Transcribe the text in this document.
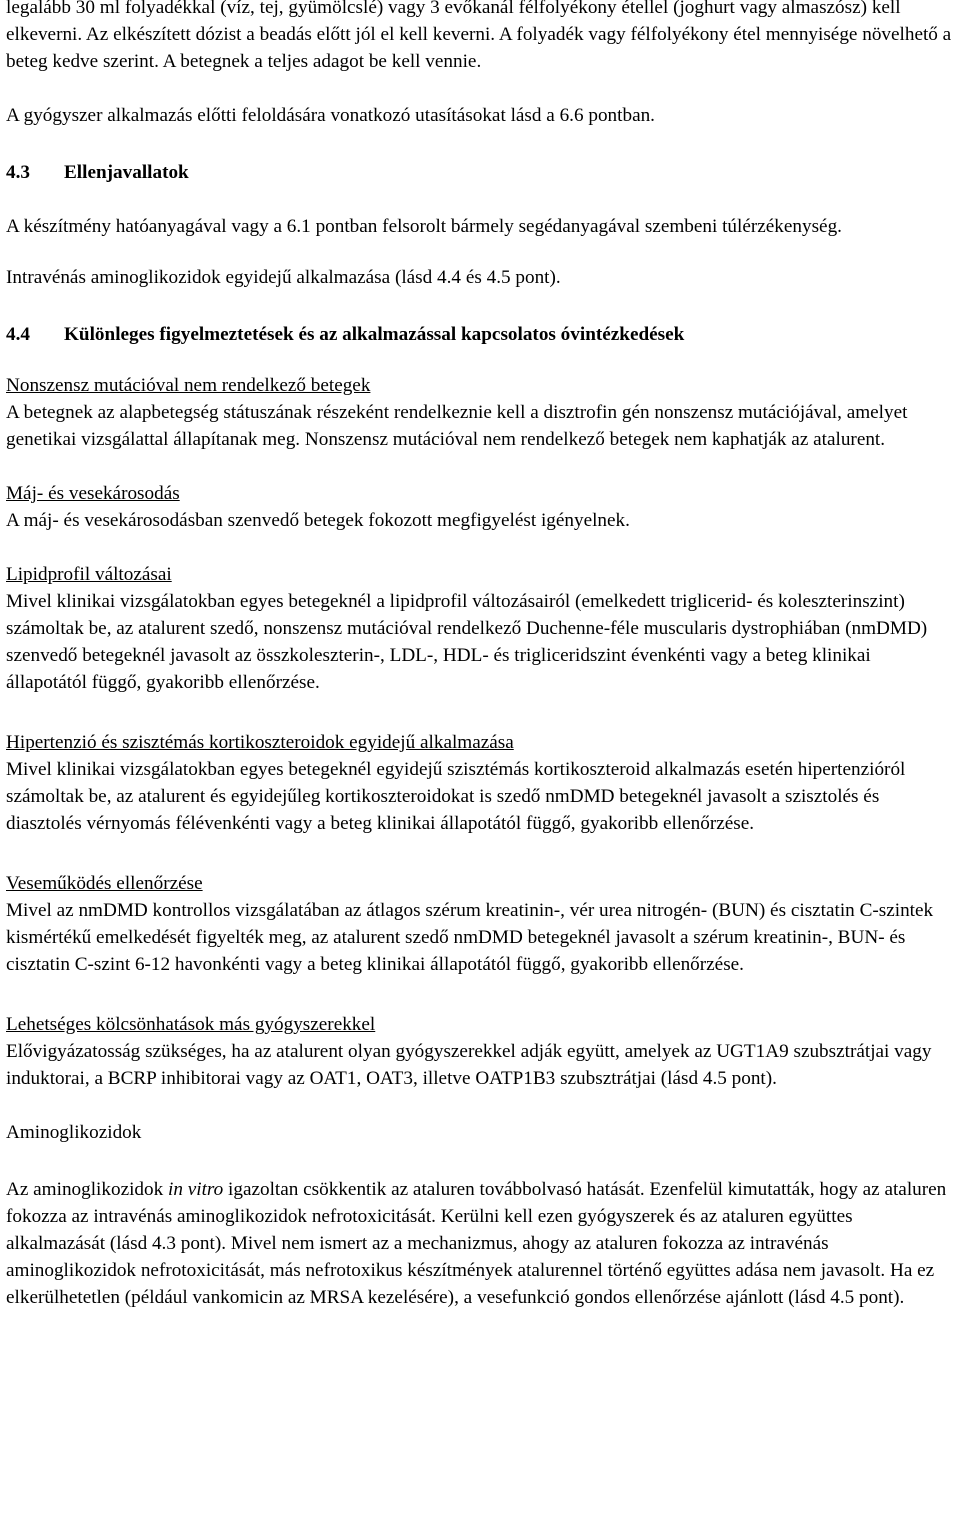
legalább 30 ml folyadékkal (víz, tej, gyümölcslé) vagy 3 evőkanál félfolyékony étellel (joghurt vagy almaszósz) kell elkeverni. Az elkészített dózist a beadás előtt jól el kell keverni. A folyadék vagy félfolyékony étel mennyisége növelhető a beteg kedve szerint. A betegnek a teljes adagot be kell vennie.

A gyógyszer alkalmazás előtti feloldására vonatkozó utasításokat lásd a 6.6 pontban.

4.3	Ellenjavallatok

A készítmény hatóanyagával vagy a 6.1 pontban felsorolt bármely segédanyagával szembeni túlérzékenység.

Intravénás aminoglikozidok egyidejű alkalmazása (lásd 4.4 és 4.5 pont).

4.4	Különleges figyelmeztetések és az alkalmazással kapcsolatos óvintézkedések

Nonszensz mutációval nem rendelkező betegek

A betegnek az alapbetegség státuszának részeként rendelkeznie kell a disztrofin gén nonszensz mutációjával, amelyet genetikai vizsgálattal állapítanak meg. Nonszensz mutációval nem rendelkező betegek nem kaphatják az atalurent.

Máj- és vesekárosodás

A máj- és vesekárosodásban szenvedő betegek fokozott megfigyelést igényelnek.

Lipidprofil változásai

Mivel klinikai vizsgálatokban egyes betegeknél a lipidprofil változásairól (emelkedett triglicerid- és koleszterinszint) számoltak be, az atalurent szedő, nonszensz mutációval rendelkező Duchenne-féle muscularis dystrophiában (nmDMD) szenvedő betegeknél javasolt az összkoleszterin-, LDL-, HDL- és trigliceridszint évenkénti vagy a beteg klinikai állapotától függő, gyakoribb ellenőrzése.

Hipertenzió és szisztémás kortikoszteroidok egyidejű alkalmazása

Mivel klinikai vizsgálatokban egyes betegeknél egyidejű szisztémás kortikoszteroid alkalmazás esetén hipertenzióról számoltak be, az atalurent és egyidejűleg kortikoszteroidokat is szedő nmDMD betegeknél javasolt a szisztolés és diasztolés vérnyomás félévenkénti vagy a beteg klinikai állapotától függő, gyakoribb ellenőrzése.

Veseműködés ellenőrzése

Mivel az nmDMD kontrollos vizsgálatában az átlagos szérum kreatinin-, vér urea nitrogén- (BUN) és cisztatin C-szintek kismértékű emelkedését figyelték meg, az atalurent szedő nmDMD betegeknél javasolt a szérum kreatinin-, BUN- és cisztatin C-szint 6-12 havonkénti vagy a beteg klinikai állapotától függő, gyakoribb ellenőrzése.

Lehetséges kölcsönhatások más gyógyszerekkel

Elővigyázatosság szükséges, ha az atalurent olyan gyógyszerekkel adják együtt, amelyek az UGT1A9 szubsztrátjai vagy induktorai, a BCRP inhibitorai vagy az OAT1, OAT3, illetve OATP1B3 szubsztrátjai (lásd 4.5 pont).

Aminoglikozidok

Az aminoglikozidok in vitro igazoltan csökkentik az ataluren továbbolvasó hatását. Ezenfelül kimutatták, hogy az ataluren fokozza az intravénás aminoglikozidok nefrotoxicitását. Kerülni kell ezen gyógyszerek és az ataluren együttes alkalmazását (lásd 4.3 pont). Mivel nem ismert az a mechanizmus, ahogy az ataluren fokozza az intravénás aminoglikozidok nefrotoxicitását, más nefrotoxikus készítmények atalurennel történő együttes adása nem javasolt. Ha ez elkerülhetetlen (például vankomicin az MRSA kezelésére), a vesefunkció gondos ellenőrzése ajánlott (lásd 4.5 pont).
